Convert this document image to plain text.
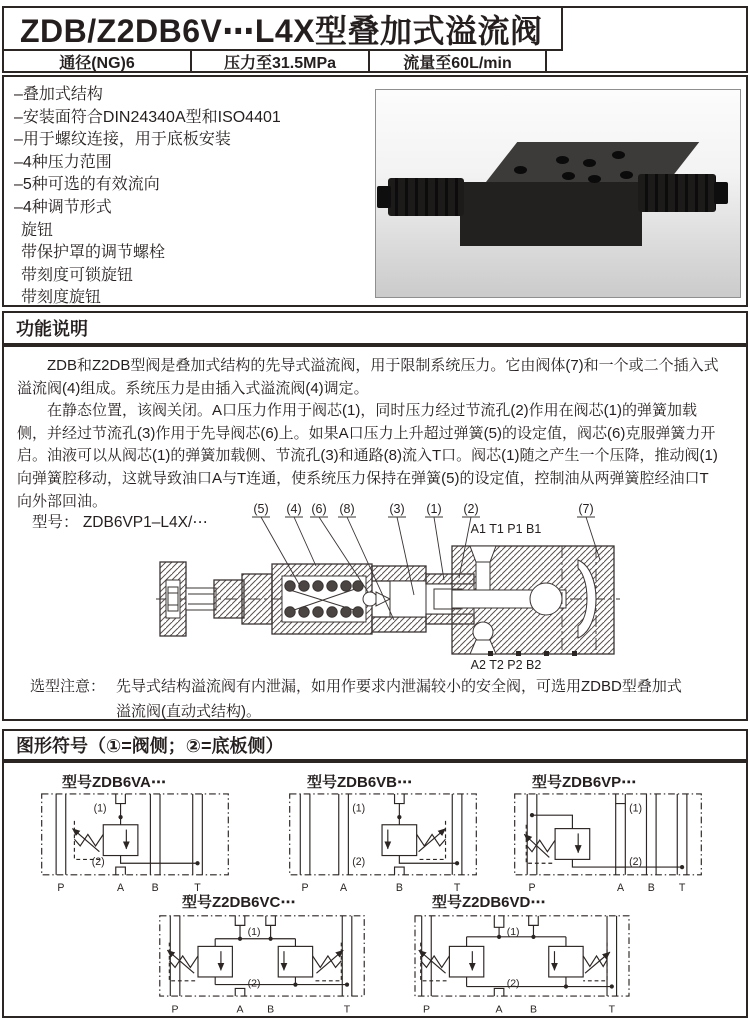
ZDB/Z2DB6V⋯L4X型叠加式溢流阀
通径(NG)6	压力至31.5MPa	流量至60L/min
–叠加式结构
–安装面符合DIN24340A型和ISO4401
–用于螺纹连接，用于底板安装
–4种压力范围
–5种可选的有效流向
–4种调节形式
旋钮
带保护罩的调节螺栓
带刻度可锁旋钮
带刻度旋钮
功能说明

ZDB和Z2DB型阀是叠加式结构的先导式溢流阀，用于限制系统压力。它由阀体(7)和一个或二个插入式溢流阀(4)组成。系统压力是由插入式溢流阀(4)调定。

在静态位置，该阀关闭。A口压力作用于阀芯(1)，同时压力经过节流孔(2)作用在阀芯(1)的弹簧加载侧，并经过节流孔(3)作用于先导阀芯(6)上。如果A口压力上升超过弹簧(5)的设定值，阀芯(6)克服弹簧力开启。油液可以从阀芯(1)的弹簧加载侧、节流孔(3)和通路(8)流入T口。阀芯(1)随之产生一个压降，推动阀(1)向弹簧腔移动，这就导致油口A与T连通，使系统压力保持在弹簧(5)的设定值，控制油从两弹簧腔经油口T向外部回油。

型号： ZDB6VP1–L4X/⋯
(5) (4) (6) (8)	(3) (1) (2)	(7)
A1 T1 P1 B1
A2 T2 P2 B2
选型注意： 先导式结构溢流阀有内泄漏，如用作要求内泄漏较小的安全阀，可选用ZDBD型叠加式溢流阀(直动式结构)。
图形符号（①=阀侧；②=底板侧）
型号ZDB6VA⋯
(1)
(2)
P	A	B	T
型号ZDB6VB⋯
(1)
(2)
P	A	B	T
型号ZDB6VP⋯
(1)
(2)
P	A B T
型号Z2DB6VC⋯
(1)
(2)
P	A B	T
型号Z2DB6VD⋯
(1)
(2)
P	A B	T
